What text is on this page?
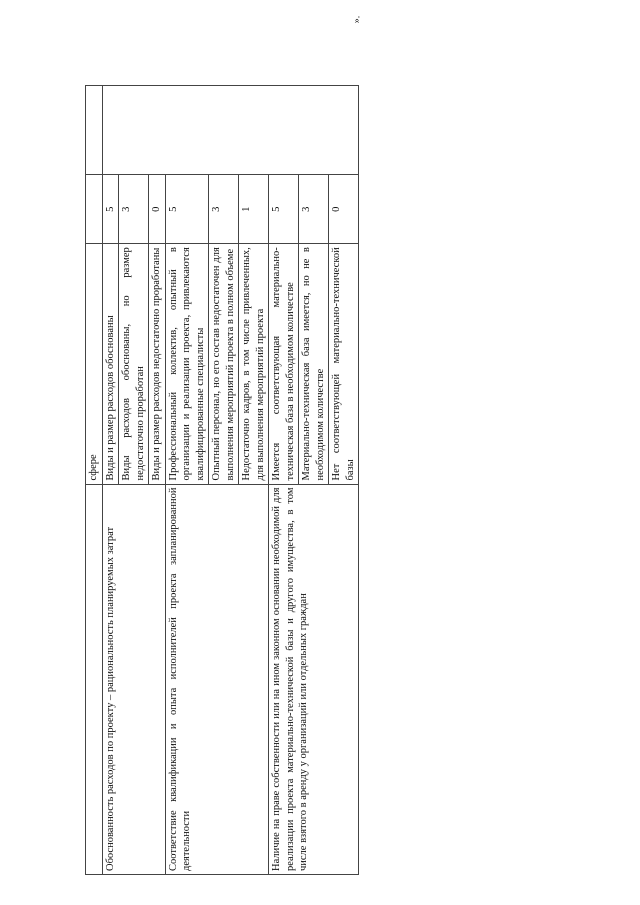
».
	сфере		
Обоснованность расходов по проекту – рациональность планируемых затрат	Виды и размер расходов обоснованы	5	
	Виды расходов обоснованы, но размер недостаточно проработан	3	
	Виды и размер расходов недостаточно проработаны	0	
Соответствие квалификации и опыта исполнителей проекта запланированной деятельности	Профессиональный коллектив, опытный в организации и реализации проекта, привлекаются квалифицированные специалисты	5	
	Опытный персонал, но его состав недостаточен для выполнения мероприятий проекта в полном объеме	3	
	Недостаточно кадров, в том числе привлеченных, для выполнения мероприятий проекта	1	
Наличие на праве собственности или на ином законном основании необходимой для реализации проекта материально-технической базы и другого имущества, в том числе взятого в аренду у организаций или отдельных граждан	Имеется соответствующая материально-техническая база в необходимом количестве	5	
	Материально-техническая база имеется, но не в необходимом количестве	3	
	Нет соответствующей материально-технической базы	0	
